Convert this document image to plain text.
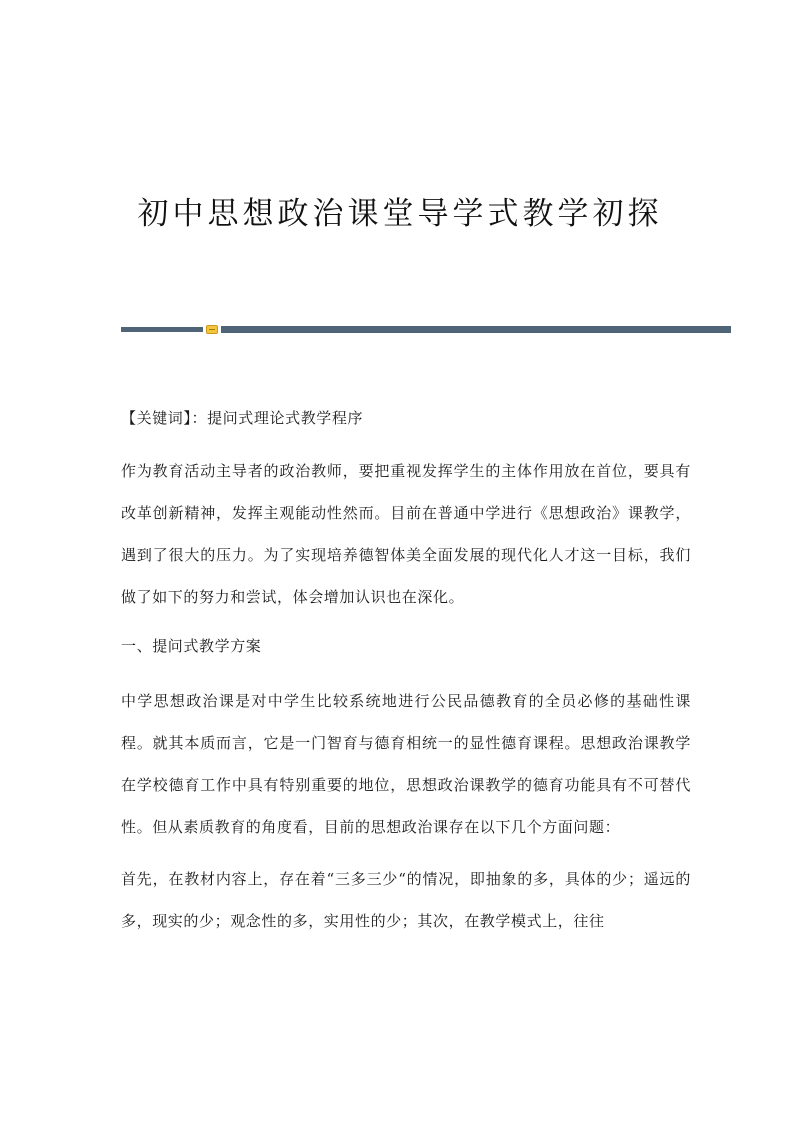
初中思想政治课堂导学式教学初探

【关键词】：提问式理论式教学程序

作为教育活动主导者的政治教师，要把重视发挥学生的主体作用放在首位，要具有改革创新精神，发挥主观能动性然而。目前在普通中学进行《思想政治》课教学，遇到了很大的压力。为了实现培养德智体美全面发展的现代化人才这一目标，我们做了如下的努力和尝试，体会增加认识也在深化。

一、提问式教学方案

中学思想政治课是对中学生比较系统地进行公民品德教育的全员必修的基础性课程。就其本质而言，它是一门智育与德育相统一的显性德育课程。思想政治课教学在学校德育工作中具有特别重要的地位，思想政治课教学的德育功能具有不可替代性。但从素质教育的角度看，目前的思想政治课存在以下几个方面问题：

首先，在教材内容上，存在着“三多三少“的情况，即抽象的多，具体的少；遥远的多，现实的少；观念性的多，实用性的少；其次，在教学模式上，往往
